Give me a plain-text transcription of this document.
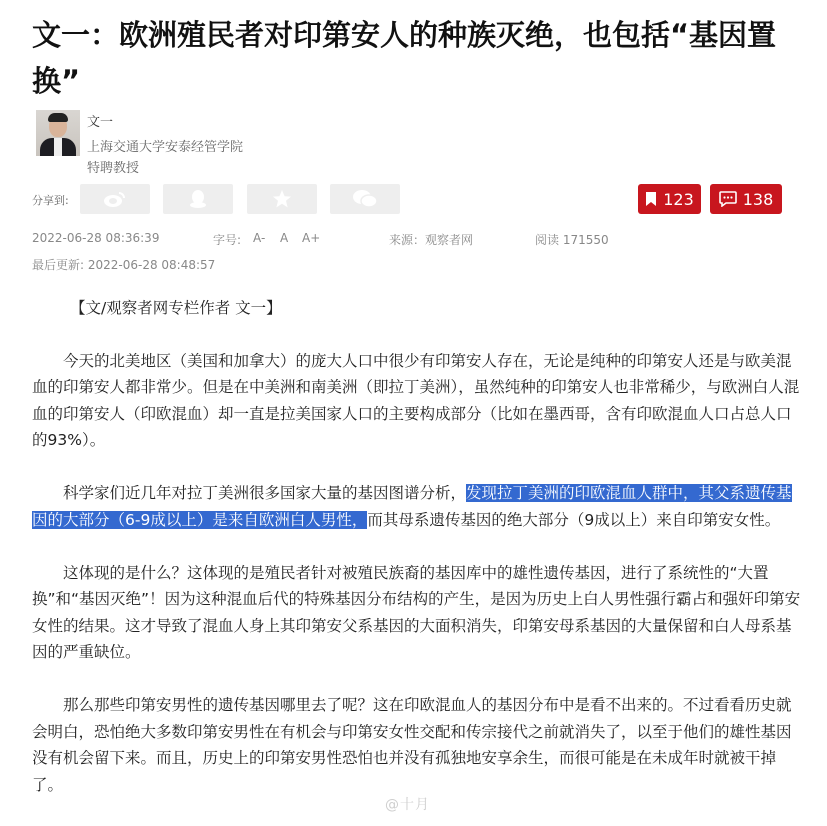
文一：欧洲殖民者对印第安人的种族灭绝，也包括“基因置换”
文一
上海交通大学安泰经管学院
特聘教授
分享到:	123	138
2022-06-28 08:36:39	字号: A- A A+	来源：观察者网	阅读 171550
最后更新: 2022-06-28 08:48:57

【文/观察者网专栏作者 文一】

今天的北美地区（美国和加拿大）的庞大人口中很少有印第安人存在，无论是纯种的印第安人还是与欧美混血的印第安人都非常少。但是在中美洲和南美洲（即拉丁美洲），虽然纯种的印第安人也非常稀少，与欧洲白人混血的印第安人（印欧混血）却一直是拉美国家人口的主要构成部分（比如在墨西哥，含有印欧混血人口占总人口的93%）。

科学家们近几年对拉丁美洲很多国家大量的基因图谱分析，发现拉丁美洲的印欧混血人群中，其父系遗传基因的大部分（6-9成以上）是来自欧洲白人男性，而其母系遗传基因的绝大部分（9成以上）来自印第安女性。

这体现的是什么？这体现的是殖民者针对被殖民族裔的基因库中的雄性遗传基因，进行了系统性的“大置换”和“基因灭绝”！因为这种混血后代的特殊基因分布结构的产生，是因为历史上白人男性强行霸占和强奸印第安女性的结果。这才导致了混血人身上其印第安父系基因的大面积消失，印第安母系基因的大量保留和白人母系基因的严重缺位。

那么那些印第安男性的遗传基因哪里去了呢？这在印欧混血人的基因分布中是看不出来的。不过看看历史就会明白，恐怕绝大多数印第安男性在有机会与印第安女性交配和传宗接代之前就消失了，以至于他们的雄性基因没有机会留下来。而且，历史上的印第安男性恐怕也并没有孤独地安享余生，而很可能是在未成年时就被干掉了。

@十月
